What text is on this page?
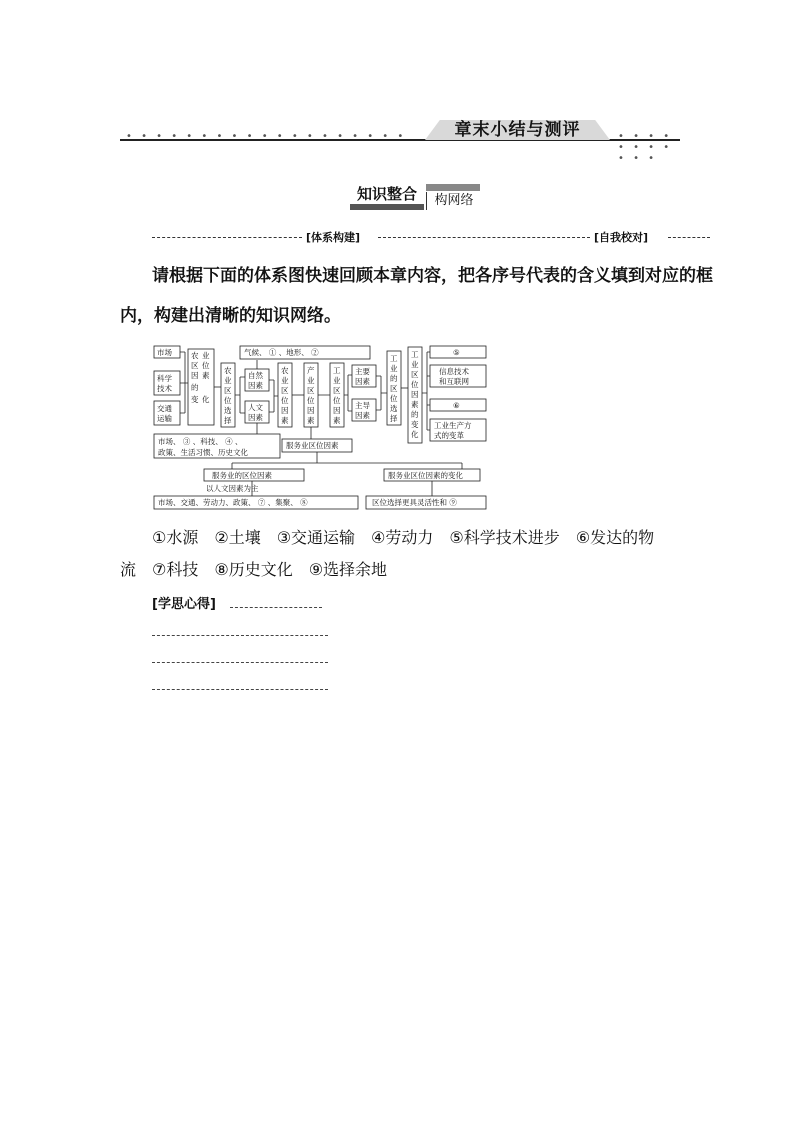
• • • • • • • • • • • • • • • • • • •	• • • • • • • • • • •
章末小结与测评
知识整合	构网络
[体系构建]	[自我校对]
请根据下面的体系图快速回顾本章内容，把各序号代表的含义填到对应的框
内，构建出清晰的知识网络。
市场
科学
技术
交通
运输
农 业
区 位
因 素
的
变 化
农
业
区
位
选
择
自然
因素
人文
因素
气候、 ① 、地形、 ②
农
业
区
位
因
素
产
业
区
位
因
素
工
业
区
位
因
素
主要
因素
主导
因素
工
业
的
区
位
选
择
工
业
区
位
因
素
的
变
化
⑤
信息技术
和互联网
⑥
工业生产方
式的变革
市场、 ③ 、科技、 ④ 、
政策、生活习惯、历史文化
服务业区位因素
服务业的区位因素
以人文因素为主
服务业区位因素的变化
市场、交通、劳动力、政策、 ⑦ 、集聚、 ⑧	区位选择更具灵活性和 ⑨
①水源　②土壤　③交通运输　④劳动力　⑤科学技术进步　⑥发达的物
流　⑦科技　⑧历史文化　⑨选择余地
[学思心得]
